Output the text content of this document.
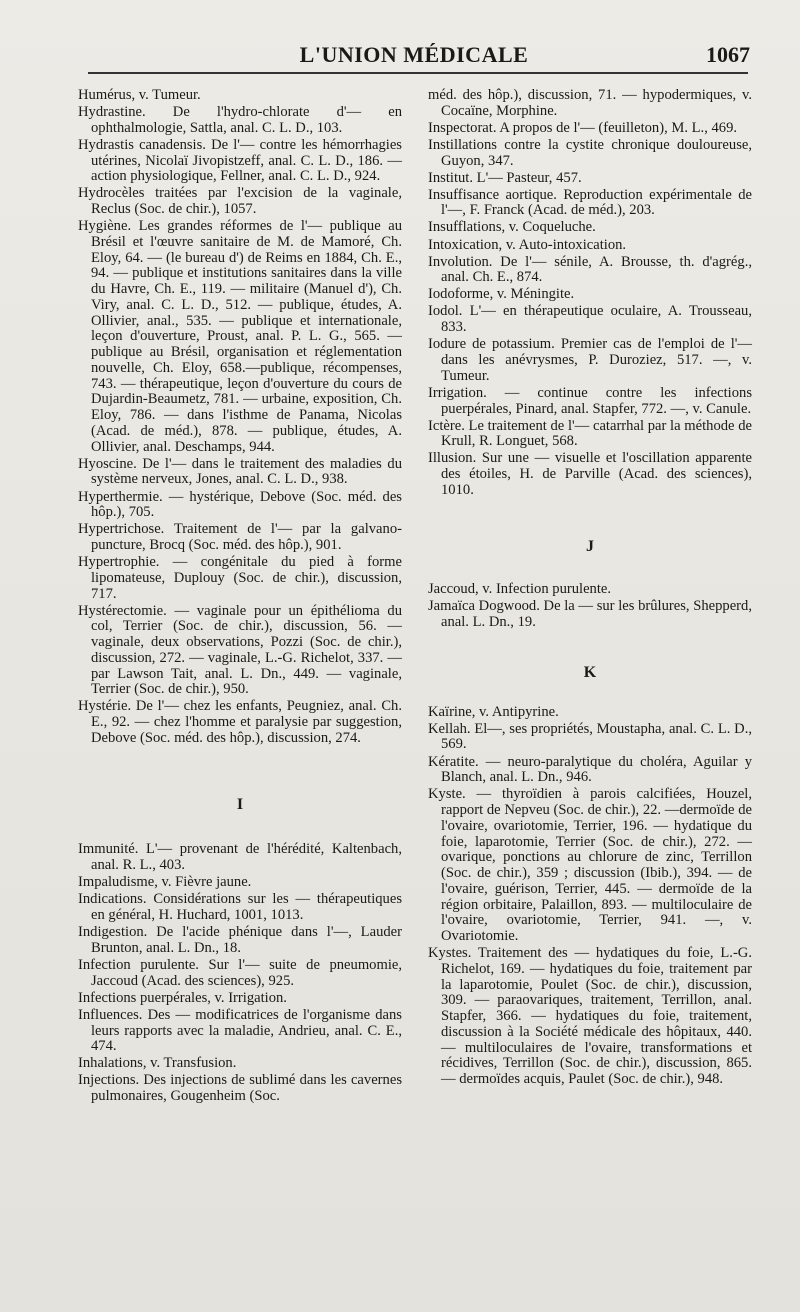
L'UNION MÉDICALE	1067

Humérus, v. Tumeur.

Hydrastine. De l'hydro-chlorate d'— en ophthalmologie, Sattla, anal. C. L. D., 103.

Hydrastis canadensis. De l'— contre les hémorrhagies utérines, Nicolaï Jivopistzeff, anal. C. L. D., 186. — action physiologique, Fellner, anal. C. L. D., 924.

Hydrocèles traitées par l'excision de la vaginale, Reclus (Soc. de chir.), 1057.

Hygiène. Les grandes réformes de l'— publique au Brésil et l'œuvre sanitaire de M. de Mamoré, Ch. Eloy, 64. — (le bureau d') de Reims en 1884, Ch. E., 94. — publique et institutions sanitaires dans la ville du Havre, Ch. E., 119. — militaire (Manuel d'), Ch. Viry, anal. C. L. D., 512. — publique, études, A. Ollivier, anal., 535. — publique et internationale, leçon d'ouverture, Proust, anal. P. L. G., 565. — publique au Brésil, organisation et réglementation nouvelle, Ch. Eloy, 658.—publique, récompenses, 743. — thérapeutique, leçon d'ouverture du cours de Dujardin-Beaumetz, 781. — urbaine, exposition, Ch. Eloy, 786. — dans l'isthme de Panama, Nicolas (Acad. de méd.), 878. — publique, études, A. Ollivier, anal. Deschamps, 944.

Hyoscine. De l'— dans le traitement des maladies du système nerveux, Jones, anal. C. L. D., 938.

Hyperthermie. — hystérique, Debove (Soc. méd. des hôp.), 705.

Hypertrichose. Traitement de l'— par la galvano-puncture, Brocq (Soc. méd. des hôp.), 901.

Hypertrophie. — congénitale du pied à forme lipomateuse, Duplouy (Soc. de chir.), discussion, 717.

Hystérectomie. — vaginale pour un épithélioma du col, Terrier (Soc. de chir.), discussion, 56. — vaginale, deux observations, Pozzi (Soc. de chir.), discussion, 272. — vaginale, L.-G. Richelot, 337. — par Lawson Tait, anal. L. Dn., 449. — vaginale, Terrier (Soc. de chir.), 950.

Hystérie. De l'— chez les enfants, Peugniez, anal. Ch. E., 92. — chez l'homme et paralysie par suggestion, Debove (Soc. méd. des hôp.), discussion, 274.

I

Immunité. L'— provenant de l'hérédité, Kaltenbach, anal. R. L., 403.

Impaludisme, v. Fièvre jaune.

Indications. Considérations sur les — thérapeutiques en général, H. Huchard, 1001, 1013.

Indigestion. De l'acide phénique dans l'—, Lauder Brunton, anal. L. Dn., 18.

Infection purulente. Sur l'— suite de pneumomie, Jaccoud (Acad. des sciences), 925.

Infections puerpérales, v. Irrigation.

Influences. Des — modificatrices de l'organisme dans leurs rapports avec la maladie, Andrieu, anal. C. E., 474.

Inhalations, v. Transfusion.

Injections. Des injections de sublimé dans les cavernes pulmonaires, Gougenheim (Soc.

méd. des hôp.), discussion, 71. — hypodermiques, v. Cocaïne, Morphine.

Inspectorat. A propos de l'— (feuilleton), M. L., 469.

Instillations contre la cystite chronique douloureuse, Guyon, 347.

Institut. L'— Pasteur, 457.

Insuffisance aortique. Reproduction expérimentale de l'—, F. Franck (Acad. de méd.), 203.

Insufflations, v. Coqueluche.

Intoxication, v. Auto-intoxication.

Involution. De l'— sénile, A. Brousse, th. d'agrég., anal. Ch. E., 874.

Iodoforme, v. Méningite.

Iodol. L'— en thérapeutique oculaire, A. Trousseau, 833.

Iodure de potassium. Premier cas de l'emploi de l'— dans les anévrysmes, P. Duroziez, 517. —, v. Tumeur.

Irrigation. — continue contre les infections puerpérales, Pinard, anal. Stapfer, 772. —, v. Canule.

Ictère. Le traitement de l'— catarrhal par la méthode de Krull, R. Longuet, 568.

Illusion. Sur une — visuelle et l'oscillation apparente des étoiles, H. de Parville (Acad. des sciences), 1010.

J

Jaccoud, v. Infection purulente.

Jamaïca Dogwood. De la — sur les brûlures, Shepperd, anal. L. Dn., 19.

K

Kaïrine, v. Antipyrine.

Kellah. El—, ses propriétés, Moustapha, anal. C. L. D., 569.

Kératite. — neuro-paralytique du choléra, Aguilar y Blanch, anal. L. Dn., 946.

Kyste. — thyroïdien à parois calcifiées, Houzel, rapport de Nepveu (Soc. de chir.), 22. —dermoïde de l'ovaire, ovariotomie, Terrier, 196. — hydatique du foie, laparotomie, Terrier (Soc. de chir.), 272. — ovarique, ponctions au chlorure de zinc, Terrillon (Soc. de chir.), 359 ; discussion (Ibib.), 394. — de l'ovaire, guérison, Terrier, 445. — dermoïde de la région orbitaire, Palaillon, 893. — multiloculaire de l'ovaire, ovariotomie, Terrier, 941. —, v. Ovariotomie.

Kystes. Traitement des — hydatiques du foie, L.-G. Richelot, 169. — hydatiques du foie, traitement par la laparotomie, Poulet (Soc. de chir.), discussion, 309. — paraovariques, traitement, Terrillon, anal. Stapfer, 366. — hydatiques du foie, traitement, discussion à la Société médicale des hôpitaux, 440. — multiloculaires de l'ovaire, transformations et récidives, Terrillon (Soc. de chir.), discussion, 865. — dermoïdes acquis, Paulet (Soc. de chir.), 948.
